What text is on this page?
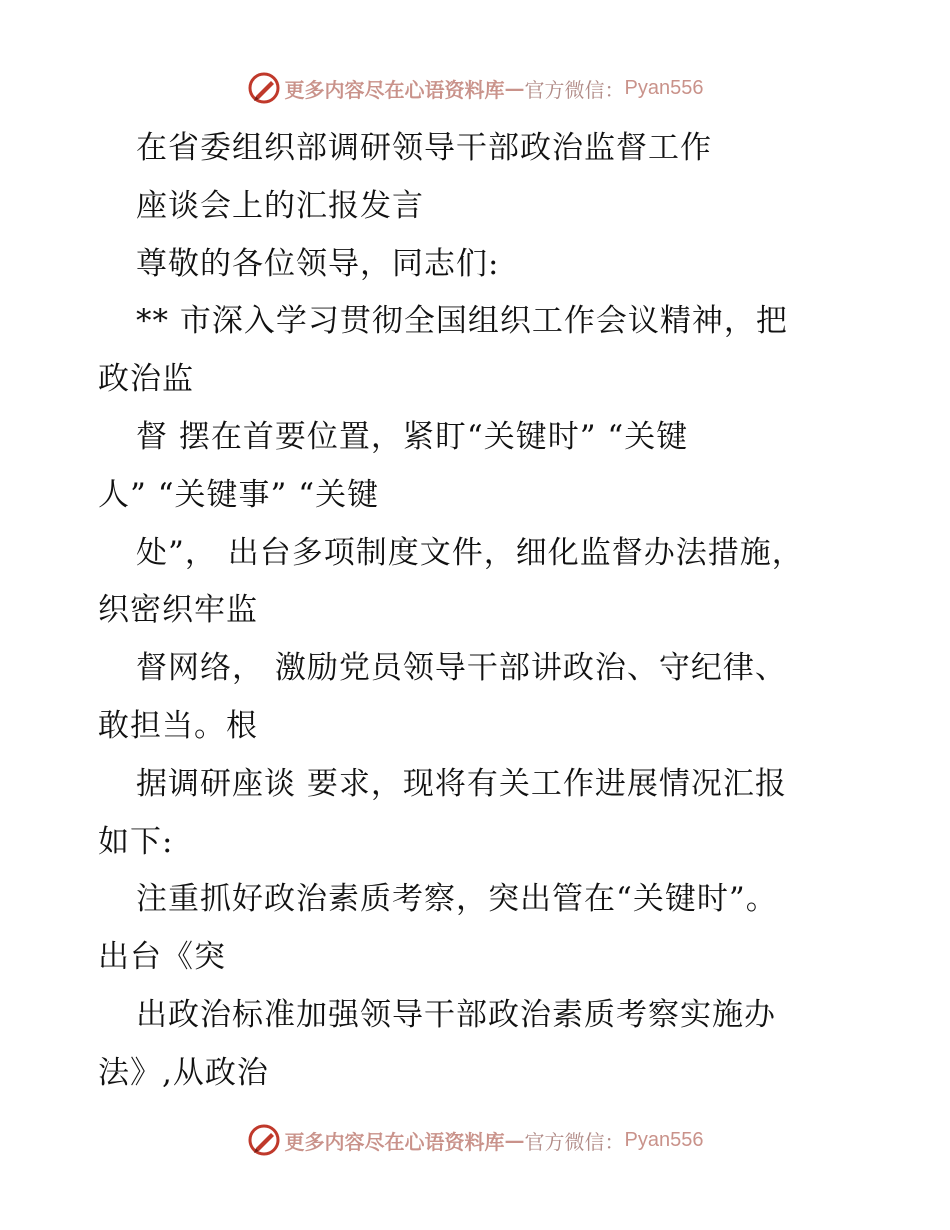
更多内容尽在心语资料库 — 官方微信： Pyan556
在省委组织部调研领导干部政治监督工作
座谈会上的汇报发言
尊敬的各位领导，同志们:
** 市深入学习贯彻全国组织工作会议精神，把
政治监
督 摆在首要位置，紧盯“关键时” “关键
人” “关键事” “关键
处”， 出台多项制度文件，细化监督办法措施，
织密织牢监
督网络， 激励党员领导干部讲政治、守纪律、
敢担当。根
据调研座谈 要求，现将有关工作进展情况汇报
如下:
注重抓好政治素质考察，突出管在“关键时”。
出台《突
出政治标准加强领导干部政治素质考察实施办
法》,从政治
更多内容尽在心语资料库 — 官方微信： Pyan556
